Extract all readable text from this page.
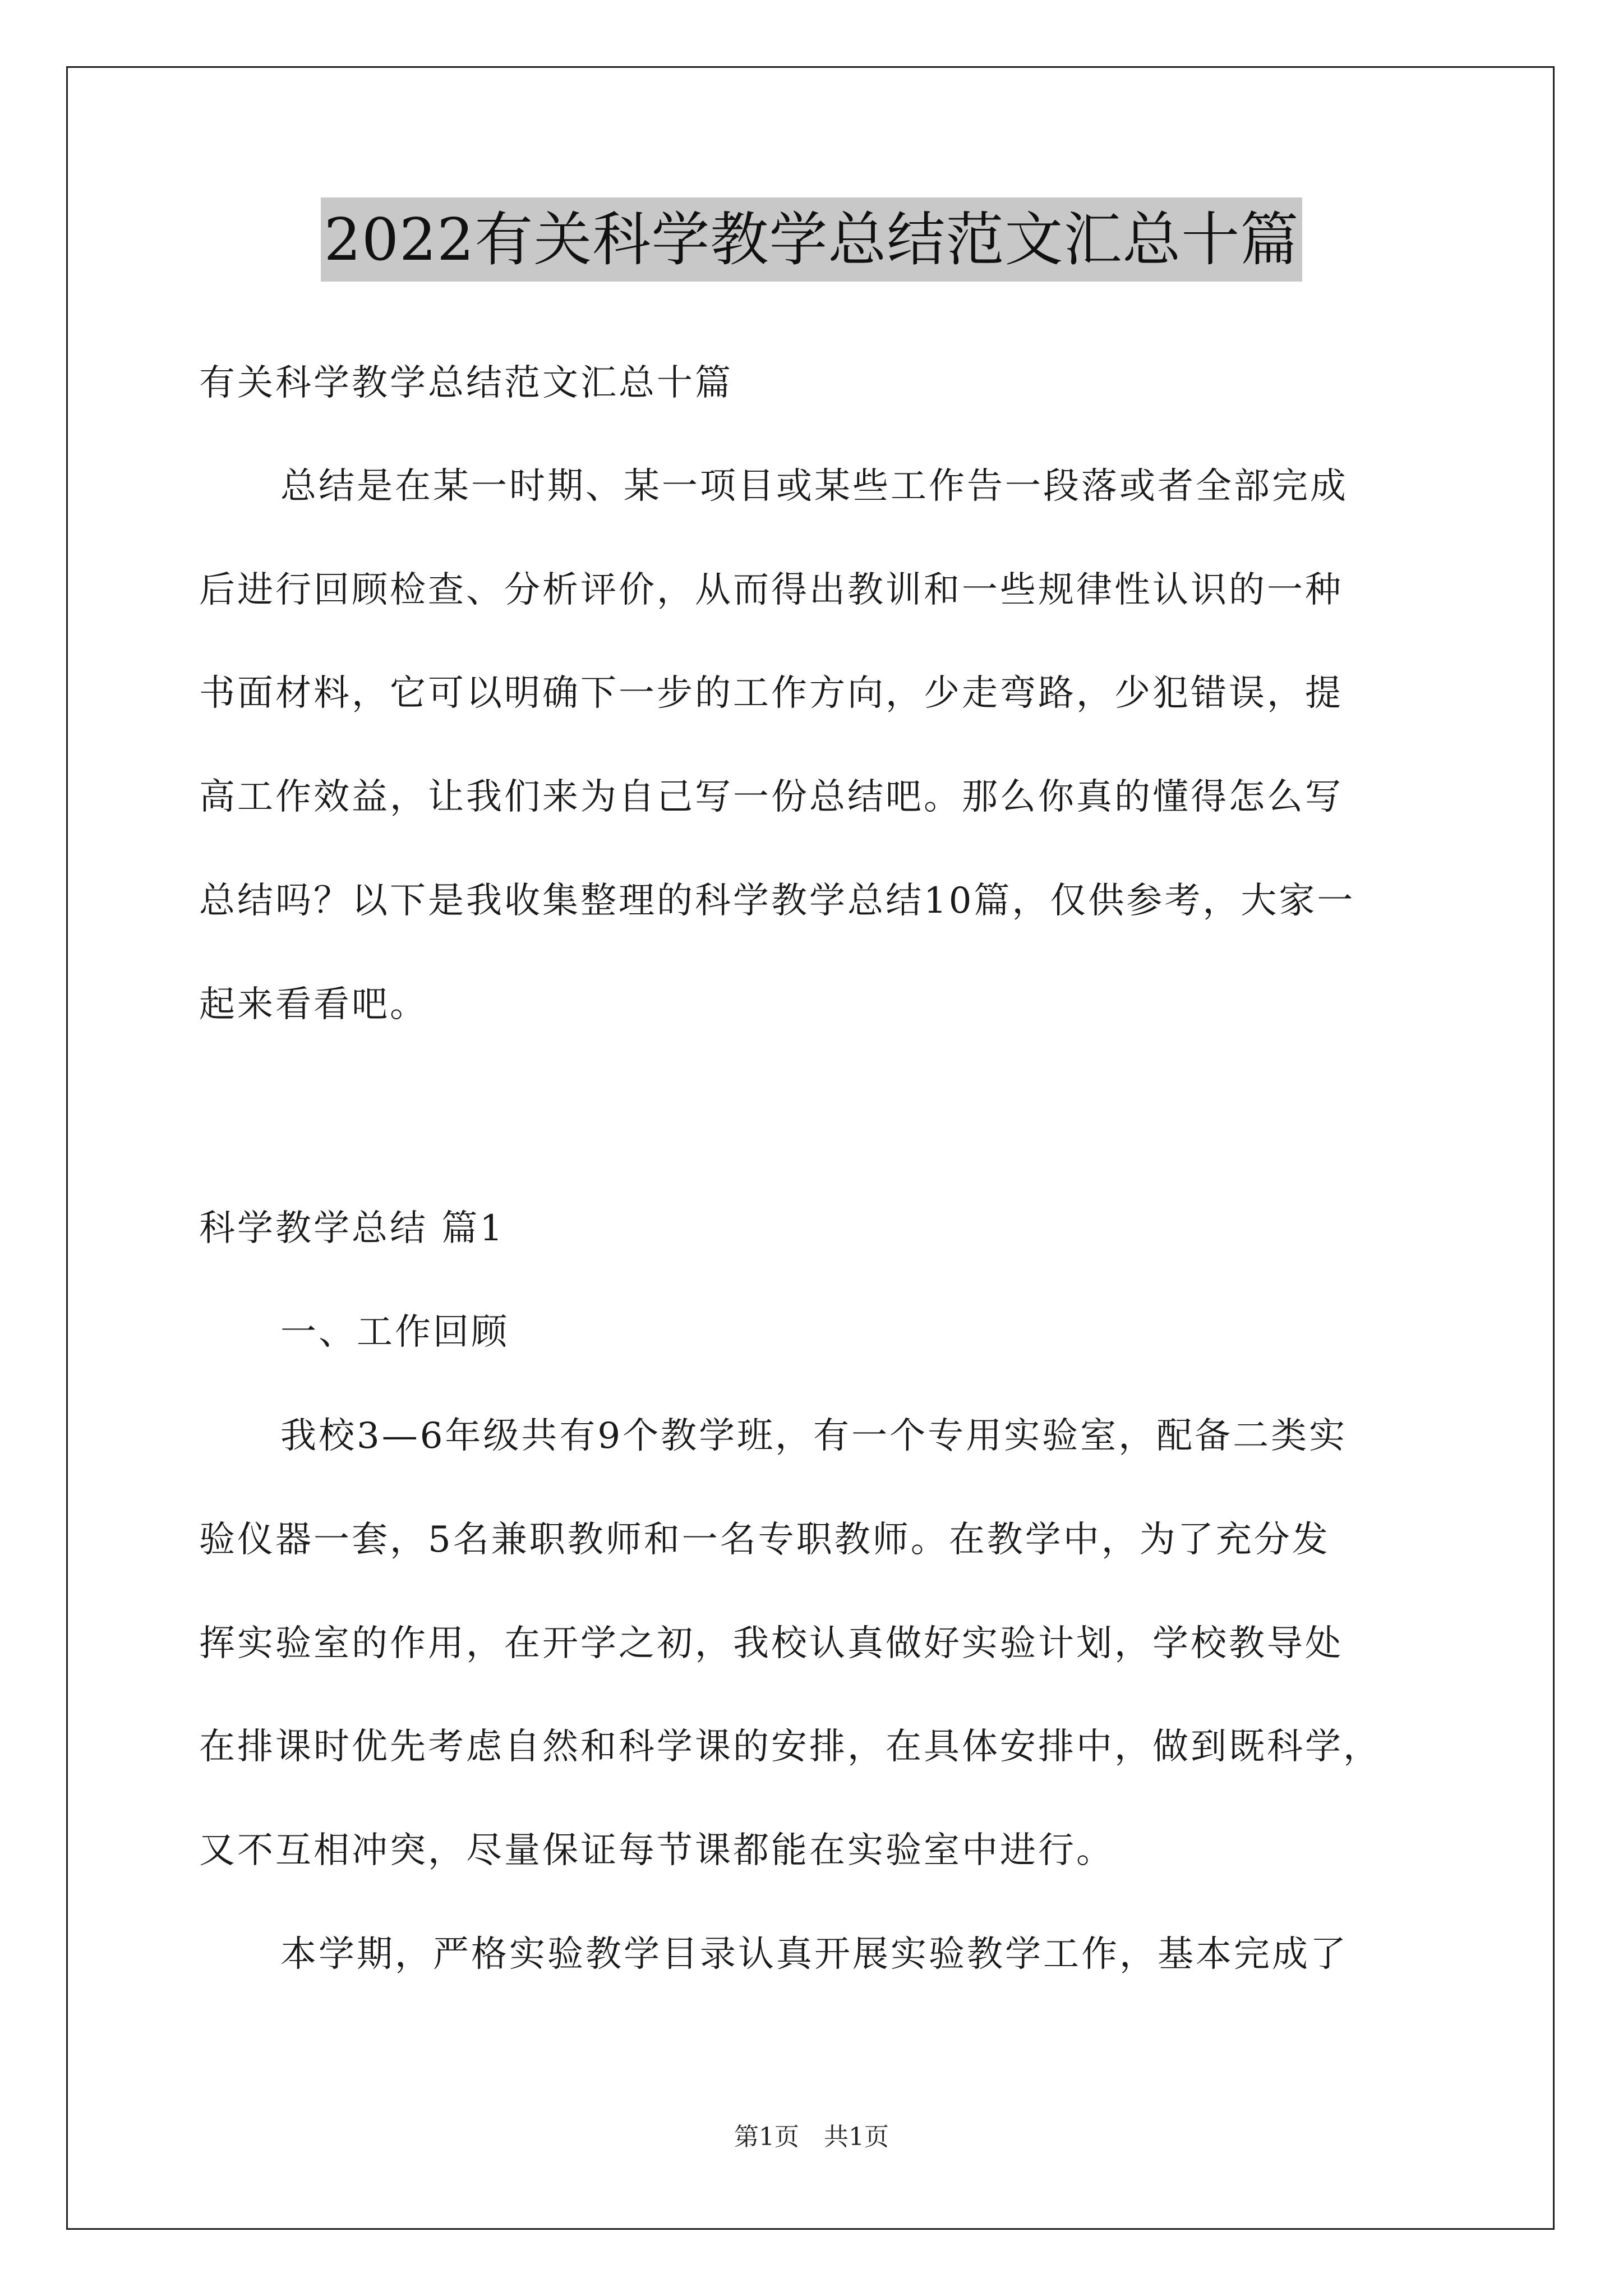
2022有关科学教学总结范文汇总十篇
有关科学教学总结范文汇总十篇
总结是在某一时期、某一项目或某些工作告一段落或者全部完成
后进行回顾检查、分析评价，从而得出教训和一些规律性认识的一种
书面材料，它可以明确下一步的工作方向，少走弯路，少犯错误，提
高工作效益，让我们来为自己写一份总结吧。那么你真的懂得怎么写
总结吗？以下是我收集整理的科学教学总结10篇，仅供参考，大家一
起来看看吧。
科学教学总结 篇1
一、工作回顾
我校3—6年级共有9个教学班，有一个专用实验室，配备二类实
验仪器一套，5名兼职教师和一名专职教师。在教学中，为了充分发
挥实验室的作用，在开学之初，我校认真做好实验计划，学校教导处
在排课时优先考虑自然和科学课的安排，在具体安排中，做到既科学，
又不互相冲突，尽量保证每节课都能在实验室中进行。
本学期，严格实验教学目录认真开展实验教学工作，基本完成了
第1页　共1页
